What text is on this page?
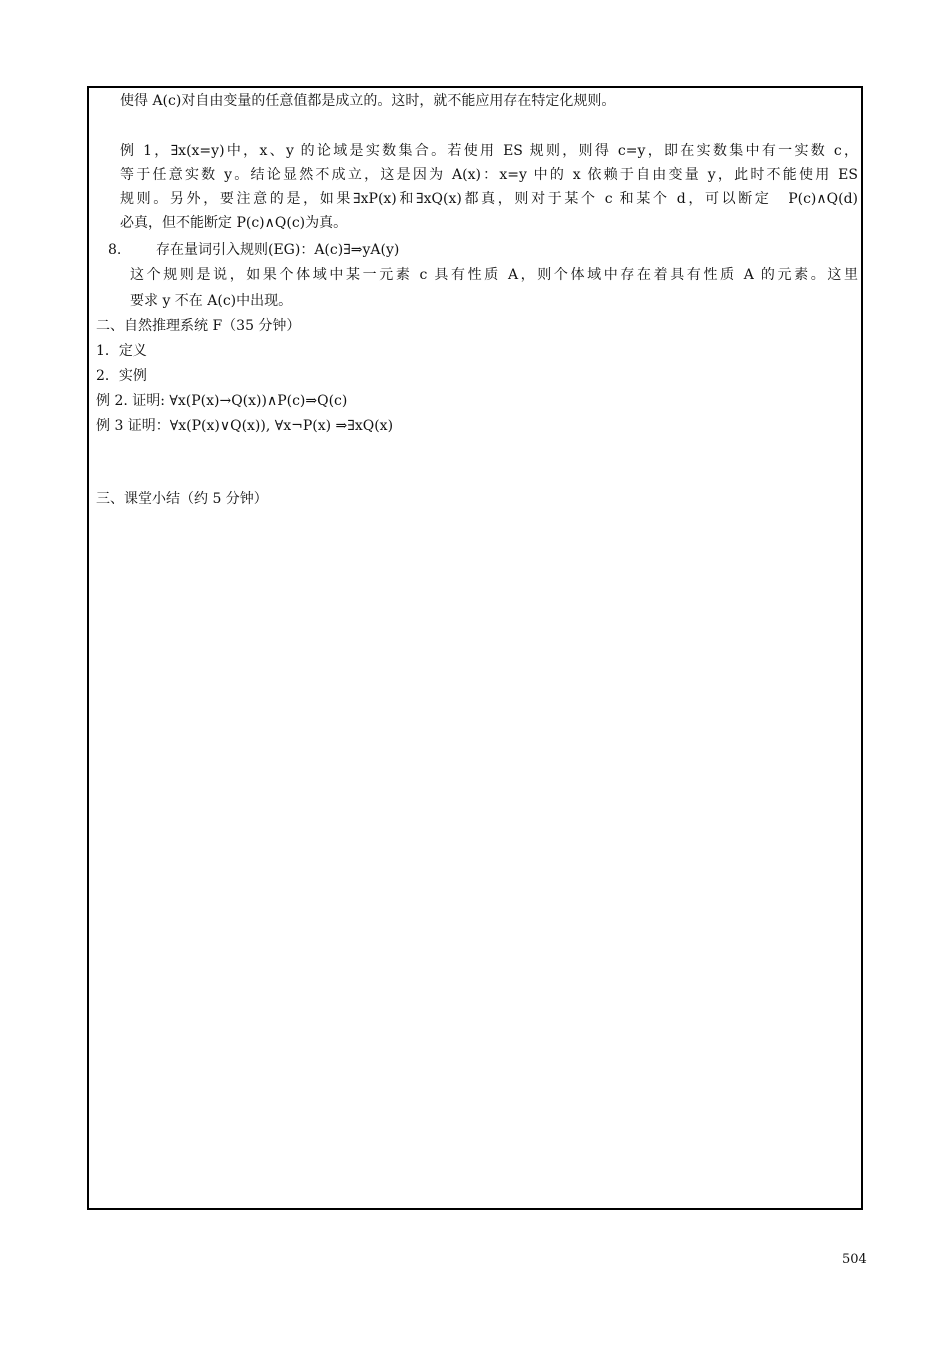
使得 A(c)对自由变量的任意值都是成立的。这时，就不能应用存在特定化规则。

例 1，∃x(x=y)中，x、y 的论域是实数集合。若使用 ES 规则，则得 c=y，即在实数集中有一实数 c，

等于任意实数 y。结论显然不成立，这是因为 A(x)：x=y 中的 x 依赖于自由变量 y，此时不能使用 ES

规则。另外，要注意的是，如果∃xP(x)和∃xQ(x)都真，则对于某个 c 和某个 d，可以断定　P(c)∧Q(d)

必真，但不能断定 P(c)∧Q(c)为真。

8. 存在量词引入规则(EG)：A(c)∃⇒yA(y)

这个规则是说，如果个体域中某一元素 c 具有性质 A，则个体域中存在着具有性质 A 的元素。这里

要求 y 不在 A(c)中出现。

二、自然推理系统 F（35 分钟）

1．定义

2．实例

例 2. 证明: ∀x(P(x)→Q(x))∧P(c)⇒Q(c)

例 3 证明：∀x(P(x)∨Q(x)), ∀x¬P(x) ⇒∃xQ(x)

三、课堂小结（约 5 分钟）

504
